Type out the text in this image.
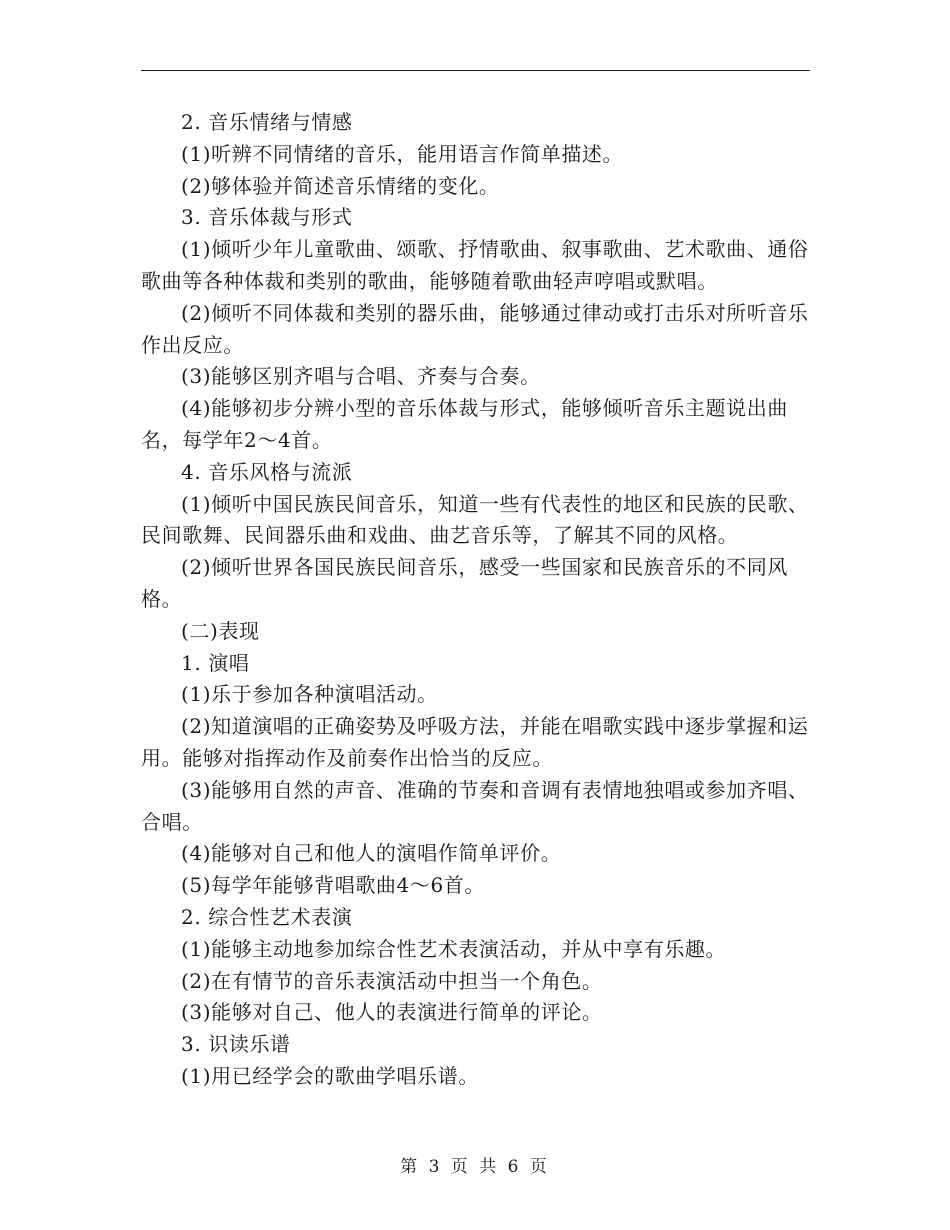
2. 音乐情绪与情感

(1)听辨不同情绪的音乐，能用语言作简单描述。

(2)够体验并简述音乐情绪的变化。

3. 音乐体裁与形式

(1)倾听少年儿童歌曲、颂歌、抒情歌曲、叙事歌曲、艺术歌曲、通俗歌曲等各种体裁和类别的歌曲，能够随着歌曲轻声哼唱或默唱。

(2)倾听不同体裁和类别的器乐曲，能够通过律动或打击乐对所听音乐作出反应。

(3)能够区别齐唱与合唱、齐奏与合奏。

(4)能够初步分辨小型的音乐体裁与形式，能够倾听音乐主题说出曲名，每学年2～4首。

4. 音乐风格与流派

(1)倾听中国民族民间音乐，知道一些有代表性的地区和民族的民歌、民间歌舞、民间器乐曲和戏曲、曲艺音乐等，了解其不同的风格。

(2)倾听世界各国民族民间音乐，感受一些国家和民族音乐的不同风格。

(二)表现

1. 演唱

(1)乐于参加各种演唱活动。

(2)知道演唱的正确姿势及呼吸方法，并能在唱歌实践中逐步掌握和运用。能够对指挥动作及前奏作出恰当的反应。

(3)能够用自然的声音、准确的节奏和音调有表情地独唱或参加齐唱、合唱。

(4)能够对自己和他人的演唱作简单评价。

(5)每学年能够背唱歌曲4～6首。

2. 综合性艺术表演

(1)能够主动地参加综合性艺术表演活动，并从中享有乐趣。

(2)在有情节的音乐表演活动中担当一个角色。

(3)能够对自己、他人的表演进行简单的评论。

3. 识读乐谱

(1)用已经学会的歌曲学唱乐谱。

第 3 页 共 6 页
